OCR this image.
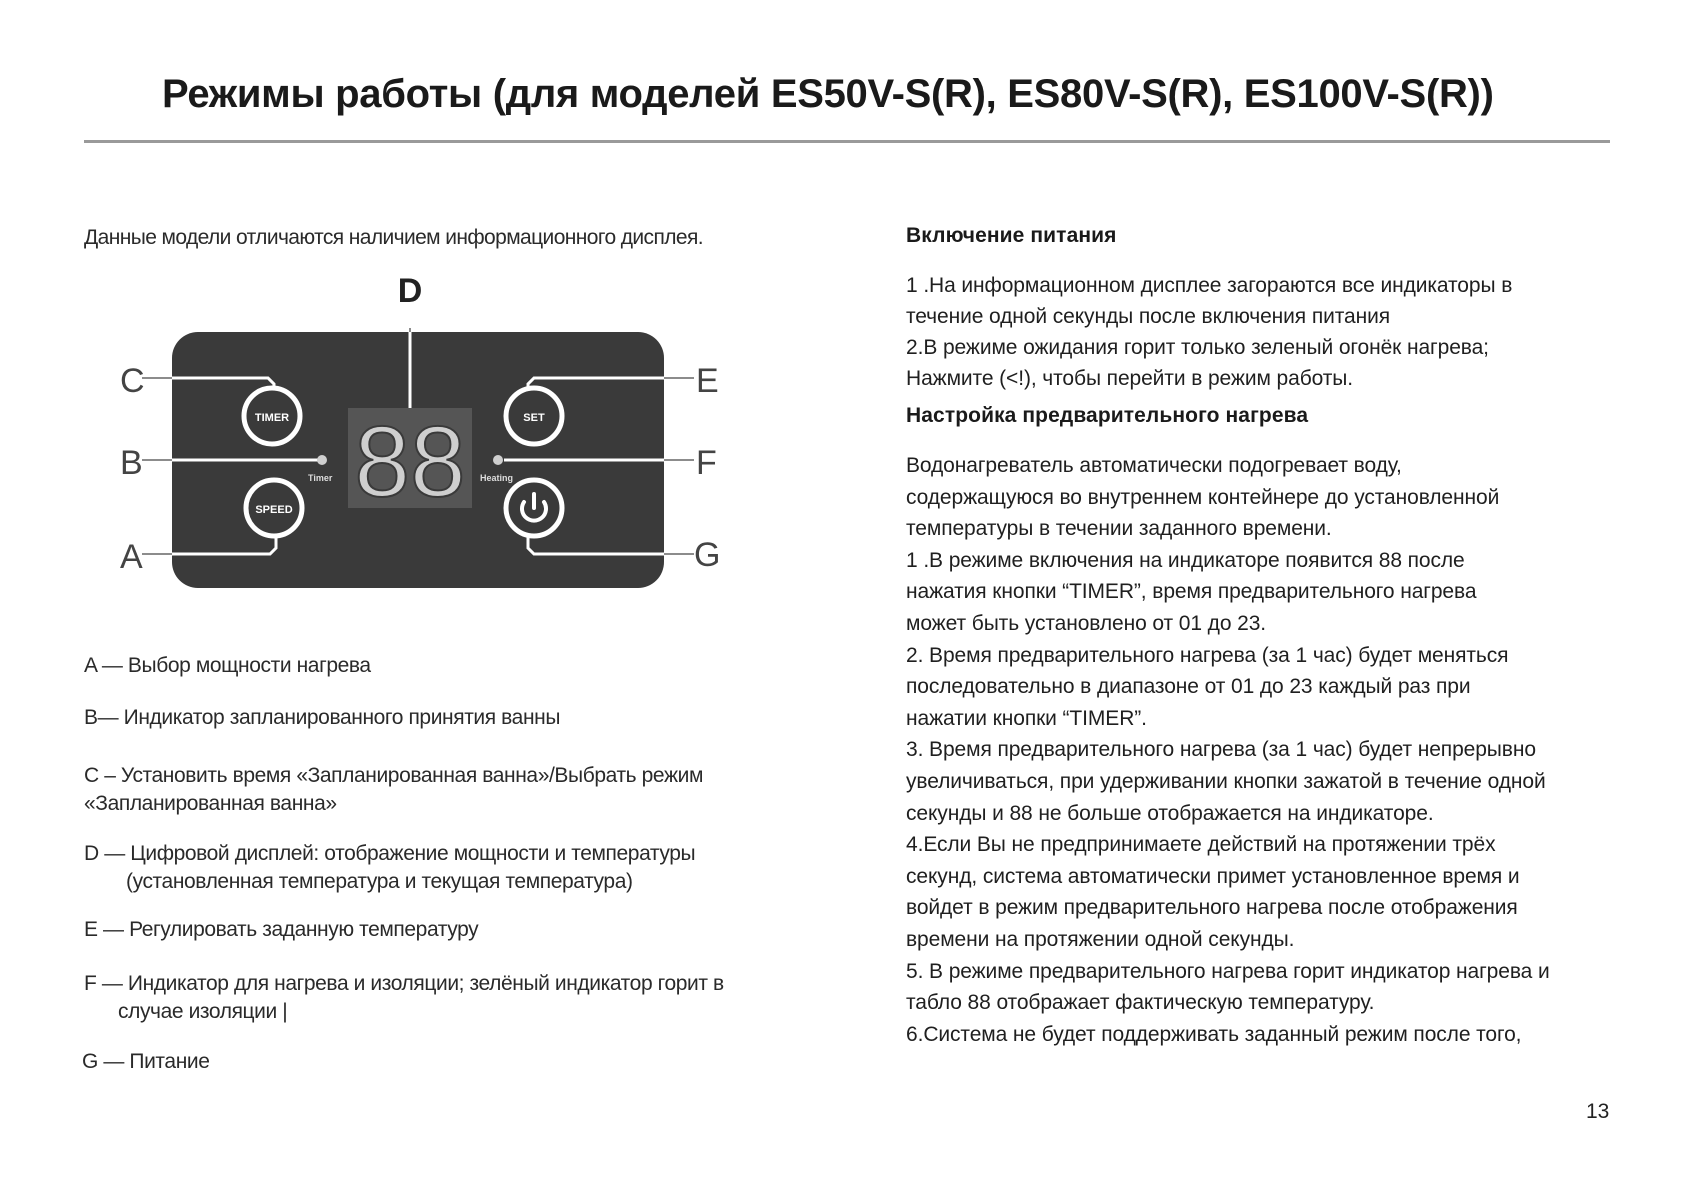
Режимы работы (для моделей ES50V-S(R), ES80V-S(R), ES100V-S(R))
Данные модели отличаются наличием информационного дисплея.
88
TIMER
SPEED
SET
Timer	Heating
D
C
B
A
E
F
G
A — Выбор мощности нагрева
B— Индикатор запланированного принятия ванны
C – Установить время «Запланированная ванна»/Выбрать режим
«Запланированная ванна»
D — Цифровой дисплей: отображение мощности и температуры
(установленная температура и текущая температура)
E — Регулировать заданную температуру
F — Индикатор для нагрева и изоляции; зелёный индикатор горит в
случае изоляции |
G — Питание
Включение питания
1 .На информационном дисплее загораются все индикаторы в
течение одной секунды после включения питания
2.В режиме ожидания горит только зеленый огонёк нагрева;
Нажмите (<!), чтобы перейти в режим работы.
Настройка предварительного нагрева
Водонагреватель автоматически подогревает воду,
содержащуюся во внутреннем контейнере до установленной
температуры в течении заданного времени.
1 .В режиме включения на индикаторе появится 88 после
нажатия кнопки “TIMER”, время предварительного нагрева
может быть установлено от 01 до 23.
2. Время предварительного нагрева (за 1 час) будет меняться
последовательно в диапазоне от 01 до 23 каждый раз при
нажатии кнопки “TIMER”.
3. Время предварительного нагрева (за 1 час) будет непрерывно
увеличиваться, при удерживании кнопки зажатой в течение одной
секунды и 88 не больше отображается на индикаторе.
4.Если Вы не предпринимаете действий на протяжении трёх
секунд, система автоматически примет установленное время и
войдет в режим предварительного нагрева после отображения
времени на протяжении одной секунды.
5. В режиме предварительного нагрева горит индикатор нагрева и
табло 88 отображает фактическую температуру.
6.Система не будет поддерживать заданный режим после того,
13
